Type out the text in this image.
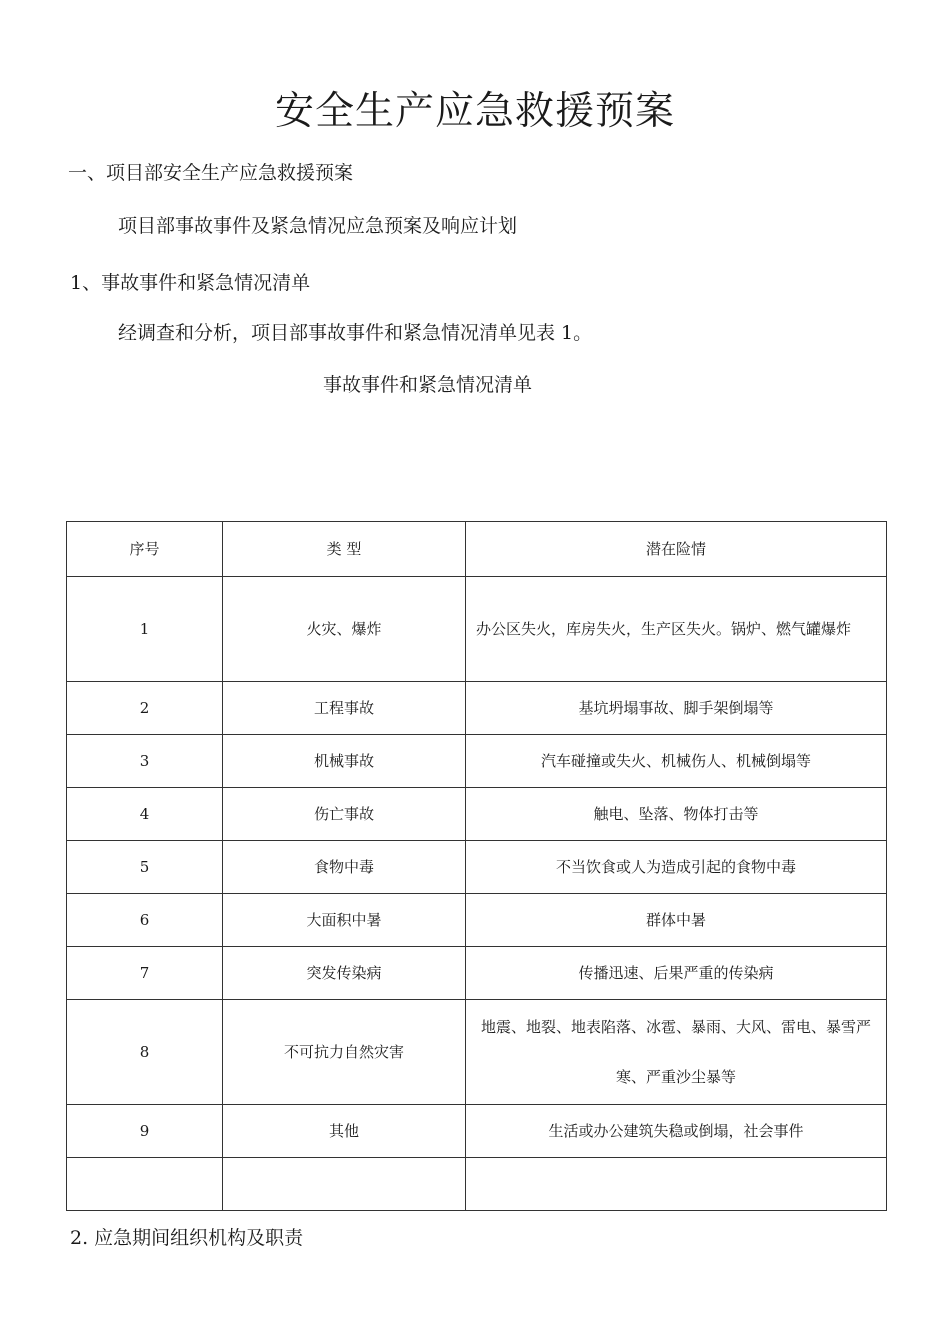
安全生产应急救援预案
一、项目部安全生产应急救援预案
项目部事故事件及紧急情况应急预案及响应计划
1、事故事件和紧急情况清单
经调查和分析，项目部事故事件和紧急情况清单见表 1。
事故事件和紧急情况清单
序号	类 型	潜在险情
1	火灾、爆炸	办公区失火，库房失火，生产区失火。锅炉、燃气罐爆炸
2	工程事故	基坑坍塌事故、脚手架倒塌等
3	机械事故	汽车碰撞或失火、机械伤人、机械倒塌等
4	伤亡事故	触电、坠落、物体打击等
5	食物中毒	不当饮食或人为造成引起的食物中毒
6	大面积中暑	群体中暑
7	突发传染病	传播迅速、后果严重的传染病
8	不可抗力自然灾害	地震、地裂、地表陷落、冰雹、暴雨、大风、雷电、暴雪严寒、严重沙尘暴等
9	其他	生活或办公建筑失稳或倒塌，社会事件

2. 应急期间组织机构及职责
